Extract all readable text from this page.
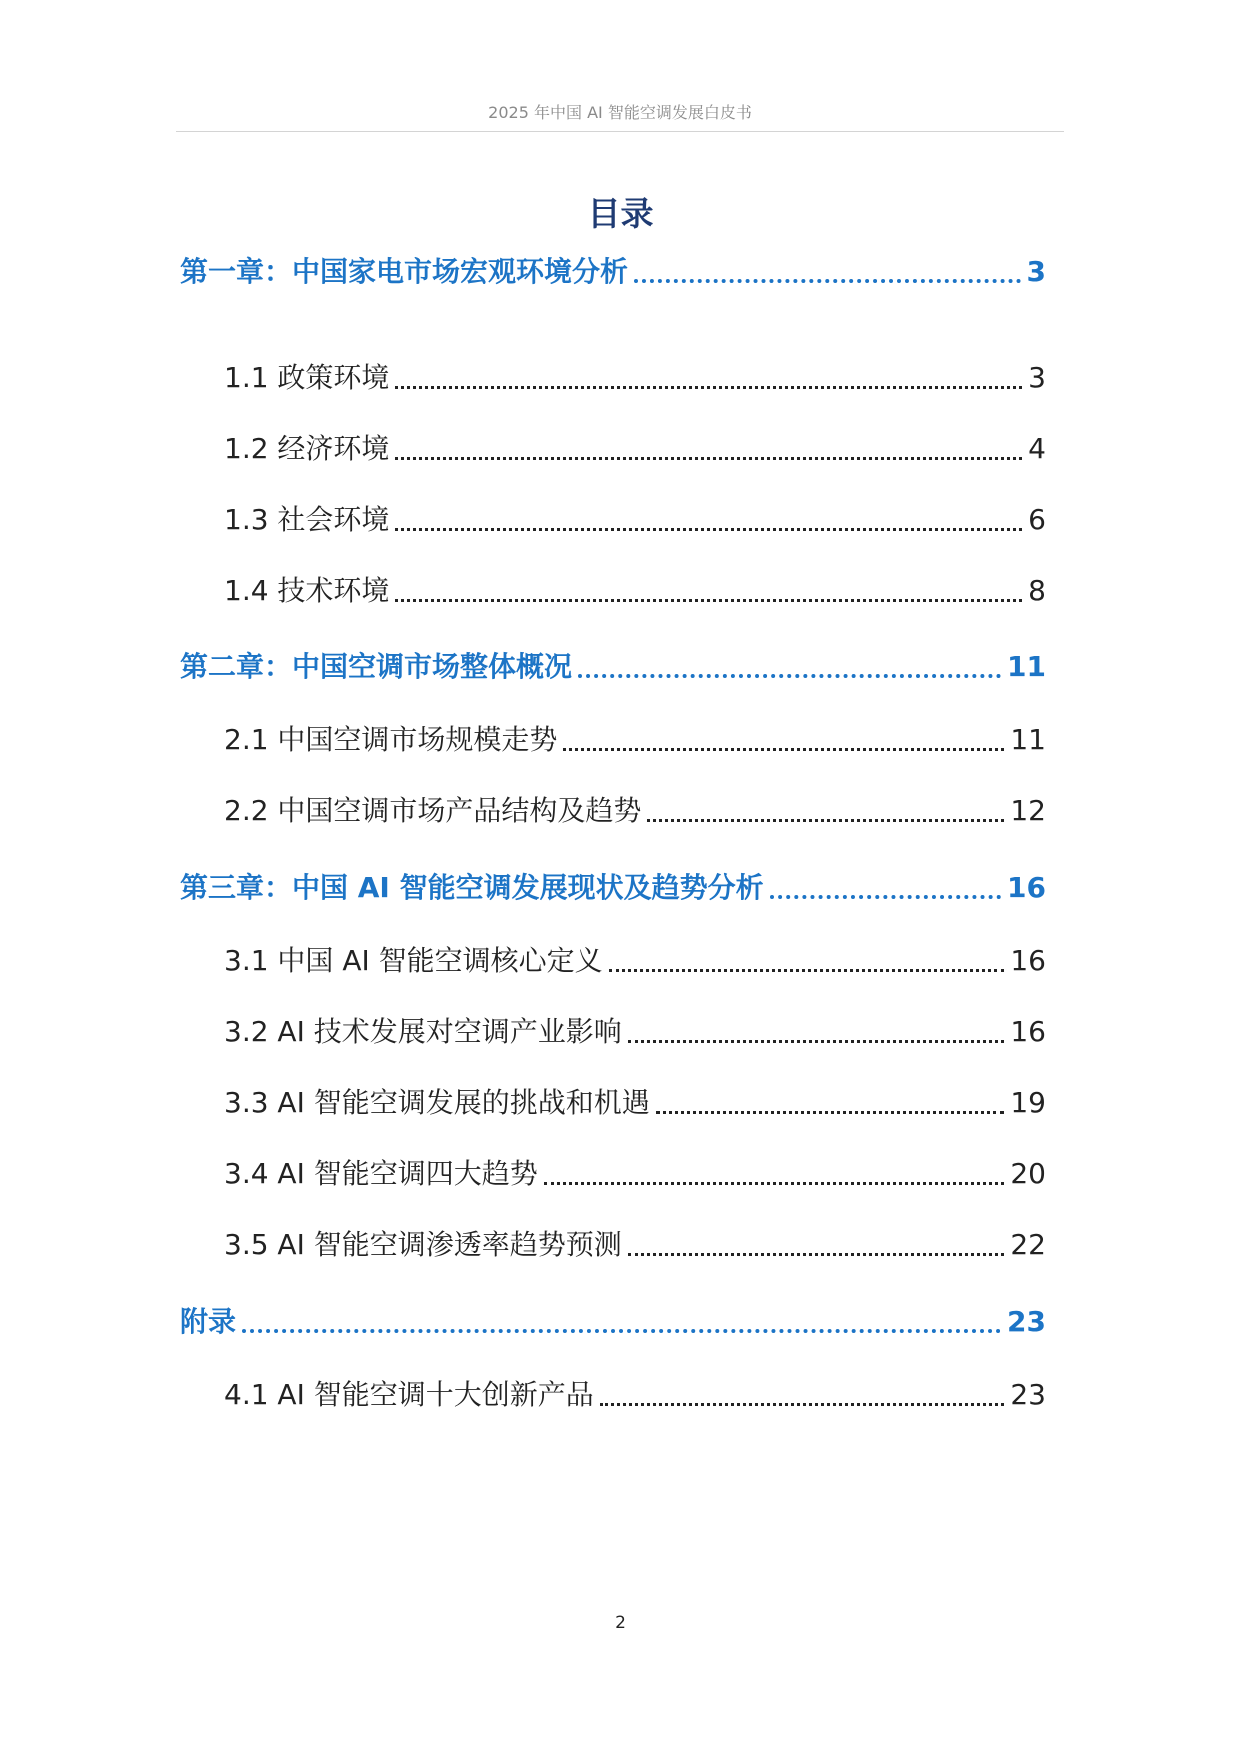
2025 年中国 AI 智能空调发展白皮书
目录
第一章：中国家电市场宏观环境分析	3
1.1 政策环境	3
1.2 经济环境	4
1.3 社会环境	6
1.4 技术环境	8
第二章：中国空调市场整体概况	11
2.1 中国空调市场规模走势	11
2.2 中国空调市场产品结构及趋势	12
第三章：中国 AI 智能空调发展现状及趋势分析	16
3.1 中国 AI 智能空调核心定义	16
3.2 AI 技术发展对空调产业影响	16
3.3 AI 智能空调发展的挑战和机遇	19
3.4 AI 智能空调四大趋势	20
3.5 AI 智能空调渗透率趋势预测	22
附录	23
4.1 AI 智能空调十大创新产品	23
2
